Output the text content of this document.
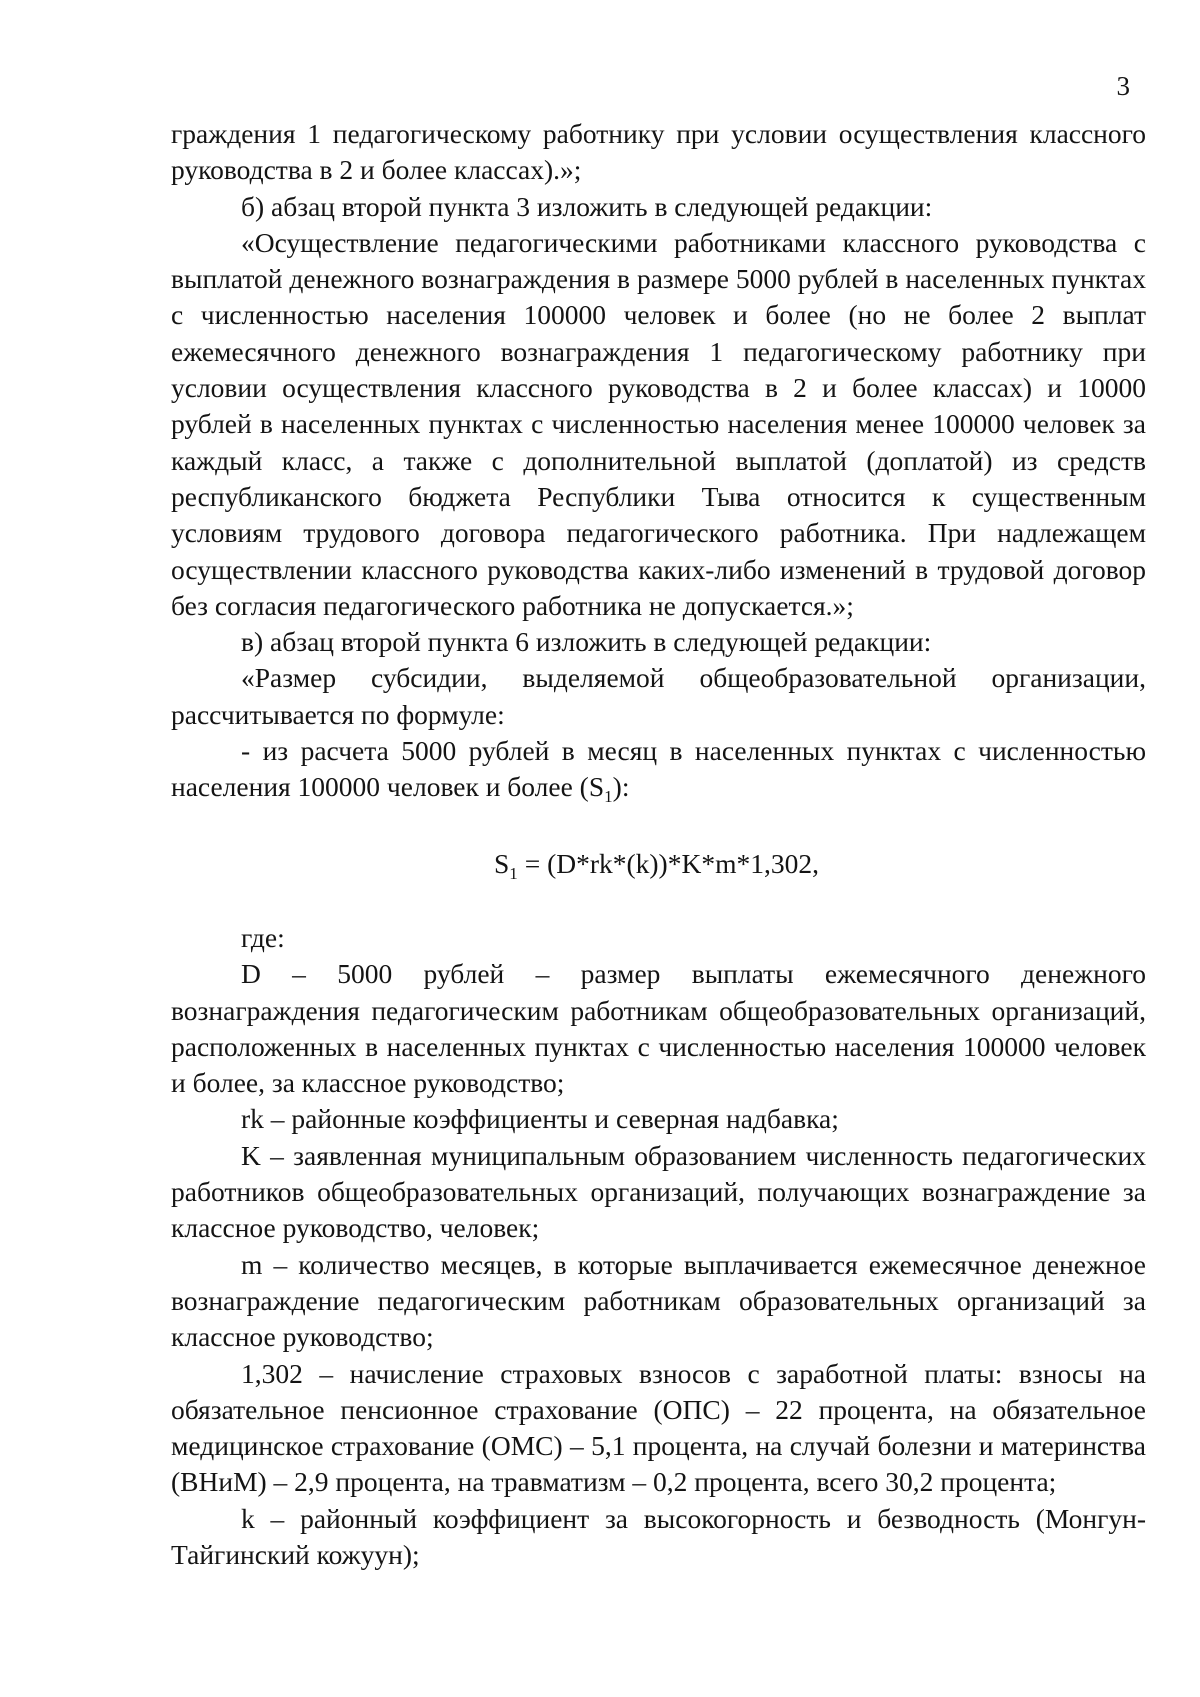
3

граждения 1 педагогическому работнику при условии осуществления классного руководства в 2 и более классах).»;

б) абзац второй пункта 3 изложить в следующей редакции:

«Осуществление педагогическими работниками классного руководства с выплатой денежного вознаграждения в размере 5000 рублей в населенных пунктах с численностью населения 100000 человек и более (но не более 2 выплат ежемесячного денежного вознаграждения 1 педагогическому работнику при условии осуществления классного руководства в 2 и более классах) и 10000 рублей в населенных пунктах с численностью населения менее 100000 человек за каждый класс, а также с дополнительной выплатой (доплатой) из средств республиканского бюджета Республики Тыва относится к существенным условиям трудового договора педагогического работника. При надлежащем осуществлении классного руководства каких-либо изменений в трудовой договор без согласия педагогического работника не допускается.»;

в) абзац второй пункта 6 изложить в следующей редакции:

«Размер субсидии, выделяемой общеобразовательной организации, рассчитывается по формуле:

- из расчета 5000 рублей в месяц в населенных пунктах с численностью населения 100000 человек и более $(S_1)$:

$S_1 = (D*rk*(k))*K*m*1,302$,

где:

D – 5000 рублей – размер выплаты ежемесячного денежного вознаграждения педагогическим работникам общеобразовательных организаций, расположенных в населенных пунктах с численностью населения 100000 человек и более, за классное руководство;

rk – районные коэффициенты и северная надбавка;

K – заявленная муниципальным образованием численность педагогических работников общеобразовательных организаций, получающих вознаграждение за классное руководство, человек;

m – количество месяцев, в которые выплачивается ежемесячное денежное вознаграждение педагогическим работникам образовательных организаций за классное руководство;

1,302 – начисление страховых взносов с заработной платы: взносы на обязательное пенсионное страхование (ОПС) – 22 процента, на обязательное медицинское страхование (ОМС) – 5,1 процента, на случай болезни и материнства (ВНиМ) – 2,9 процента, на травматизм – 0,2 процента, всего 30,2 процента;

k – районный коэффициент за высокогорность и безводность (Монгун-Тайгинский кожуун);
